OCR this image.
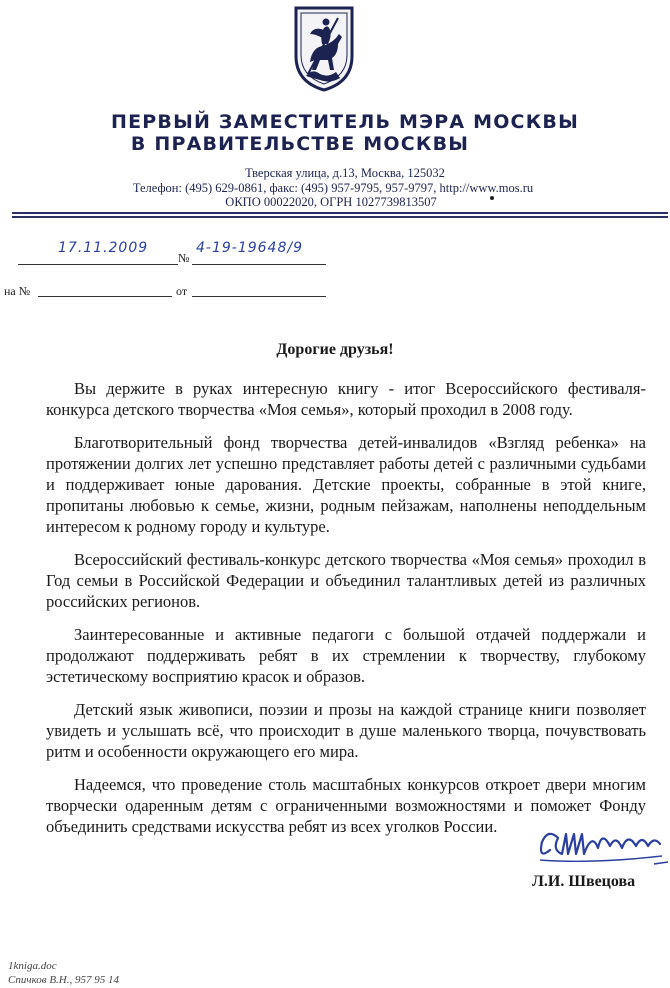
ПЕРВЫЙ ЗАМЕСТИТЕЛЬ МЭРА МОСКВЫ
В ПРАВИТЕЛЬСТВЕ МОСКВЫ
Тверская улица, д.13, Москва, 125032
Телефон: (495) 629-0861, факс: (495) 957-9795, 957-9797, http://www.mos.ru
ОКПО 00022020, ОГРН 1027739813507
17.11.2009
№
4-19-19648/9
на №	от
Дорогие друзья!

Вы держите в руках интересную книгу - итог Всероссийского фестиваля-конкурса детского творчества «Моя семья», который проходил в 2008 году.

Благотворительный фонд творчества детей-инвалидов «Взгляд ребенка» на протяжении долгих лет успешно представляет работы детей с различными судьбами и поддерживает юные дарования. Детские проекты, собранные в этой книге, пропитаны любовью к семье, жизни, родным пейзажам, наполнены неподдельным интересом к родному городу и культуре.

Всероссийский фестиваль-конкурс детского творчества «Моя семья» проходил в Год семьи в Российской Федерации и объединил талантливых детей из различных российских регионов.

Заинтересованные и активные педагоги с большой отдачей поддержали и продолжают поддерживать ребят в их стремлении к творчеству, глубокому эстетическому восприятию красок и образов.

Детский язык живописи, поэзии и прозы на каждой странице книги позволяет увидеть и услышать всё, что происходит в душе маленького творца, почувствовать ритм и особенности окружающего его мира.

Надеемся, что проведение столь масштабных конкурсов откроет двери многим творчески одаренным детям с ограниченными возможностями и поможет Фонду объединить средствами искусства ребят из всех уголков России.

Л.И. Швецова
1kniga.doc
Спичков В.Н., 957 95 14
